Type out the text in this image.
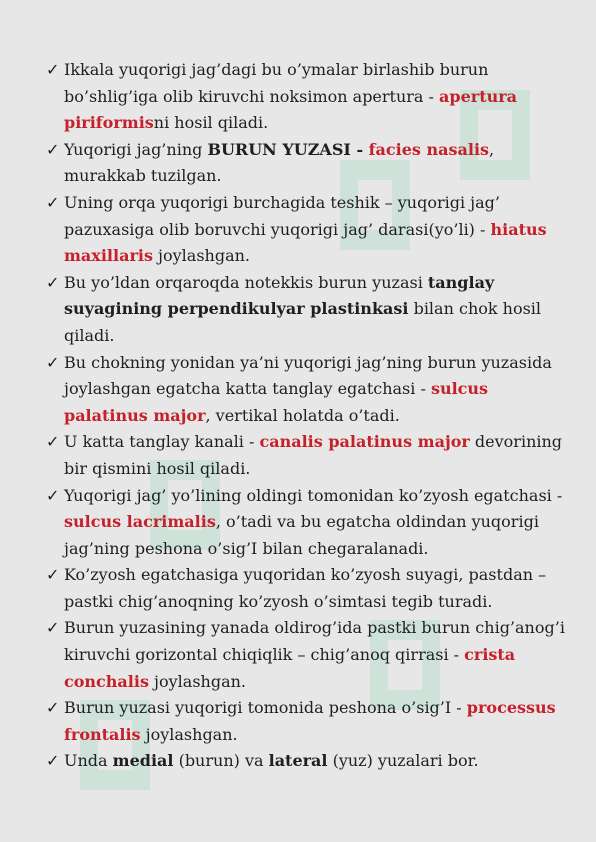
✓ Ikkala yuqorigi jag’dagi bu o’ymalar birlashib burun bo’shlig’iga olib kiruvchi noksimon apertura - apertura piriformisni hosil qiladi.
✓ Yuqorigi jag’ning BURUN YUZASI - facies nasalis, murakkab tuzilgan.
✓ Uning orqa yuqorigi burchagida teshik – yuqorigi jag’ pazuxasiga olib boruvchi yuqorigi jag’ darasi(yo’li) - hiatus maxillaris joylashgan.
✓ Bu yo’ldan orqaroqda notekkis burun yuzasi tanglay suyagining perpendikulyar plastinkasi bilan chok hosil qiladi.
✓ Bu chokning yonidan ya’ni yuqorigi jag’ning burun yuzasida joylashgan egatcha katta tanglay egatchasi - sulcus palatinus major, vertikal holatda o’tadi.
✓ U katta tanglay kanali - canalis palatinus major devorining bir qismini hosil qiladi.
✓ Yuqorigi jag’ yo’lining oldingi tomonidan ko’zyosh egatchasi - sulcus lacrimalis, o’tadi va bu egatcha oldindan yuqorigi jag’ning peshona o’sig’I bilan chegaralanadi.
✓ Ko’zyosh egatchasiga yuqoridan ko’zyosh suyagi, pastdan – pastki chig’anoqning ko’zyosh o’simtasi tegib turadi.
✓ Burun yuzasining yanada oldirog’ida pastki burun chig’anog’i kiruvchi gorizontal chiqiqlik – chig’anoq qirrasi - crista conchalis joylashgan.
✓ Burun yuzasi yuqorigi tomonida peshona o’sig’I - processus frontalis joylashgan.
✓ Unda medial (burun) va lateral (yuz) yuzalari bor.
